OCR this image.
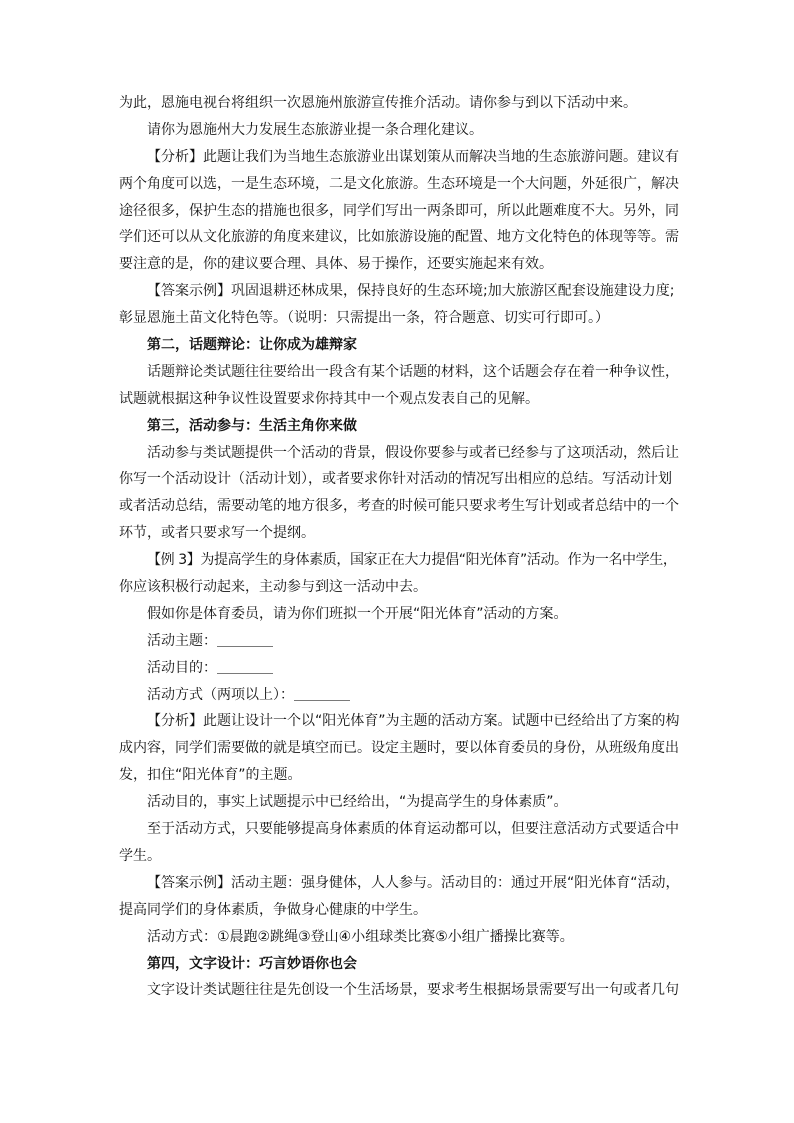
为此，恩施电视台将组织一次恩施州旅游宣传推介活动。请你参与到以下活动中来。
请你为恩施州大力发展生态旅游业提一条合理化建议。
【分析】此题让我们为当地生态旅游业出谋划策从而解决当地的生态旅游问题。建议有
两个角度可以选，一是生态环境，二是文化旅游。生态环境是一个大问题，外延很广，解决
途径很多，保护生态的措施也很多，同学们写出一两条即可，所以此题难度不大。另外，同
学们还可以从文化旅游的角度来建议，比如旅游设施的配置、地方文化特色的体现等等。需
要注意的是，你的建议要合理、具体、易于操作，还要实施起来有效。
【答案示例】巩固退耕还林成果，保持良好的生态环境;加大旅游区配套设施建设力度;
彰显恩施土苗文化特色等。（说明：只需提出一条，符合题意、切实可行即可。）
第二，话题辩论：让你成为雄辩家
话题辩论类试题往往要给出一段含有某个话题的材料，这个话题会存在着一种争议性，
试题就根据这种争议性设置要求你持其中一个观点发表自己的见解。
第三，活动参与：生活主角你来做
活动参与类试题提供一个活动的背景，假设你要参与或者已经参与了这项活动，然后让
你写一个活动设计（活动计划），或者要求你针对活动的情况写出相应的总结。写活动计划
或者活动总结，需要动笔的地方很多，考查的时候可能只要求考生写计划或者总结中的一个
环节，或者只要求写一个提纲。
【例 3】为提高学生的身体素质，国家正在大力提倡“阳光体育”活动。作为一名中学生，
你应该积极行动起来，主动参与到这一活动中去。
假如你是体育委员，请为你们班拟一个开展“阳光体育”活动的方案。
活动主题：＿＿＿＿
活动目的：＿＿＿＿
活动方式（两项以上）：＿＿＿＿
【分析】此题让设计一个以“阳光体育”为主题的活动方案。试题中已经给出了方案的构
成内容，同学们需要做的就是填空而已。设定主题时，要以体育委员的身份，从班级角度出
发，扣住“阳光体育”的主题。
活动目的，事实上试题提示中已经给出，“为提高学生的身体素质”。
至于活动方式，只要能够提高身体素质的体育运动都可以，但要注意活动方式要适合中
学生。
【答案示例】活动主题：强身健体，人人参与。活动目的：通过开展“阳光体育“活动，
提高同学们的身体素质，争做身心健康的中学生。
活动方式：①晨跑②跳绳③登山④小组球类比赛⑤小组广播操比赛等。
第四，文字设计：巧言妙语你也会
文字设计类试题往往是先创设一个生活场景，要求考生根据场景需要写出一句或者几句
